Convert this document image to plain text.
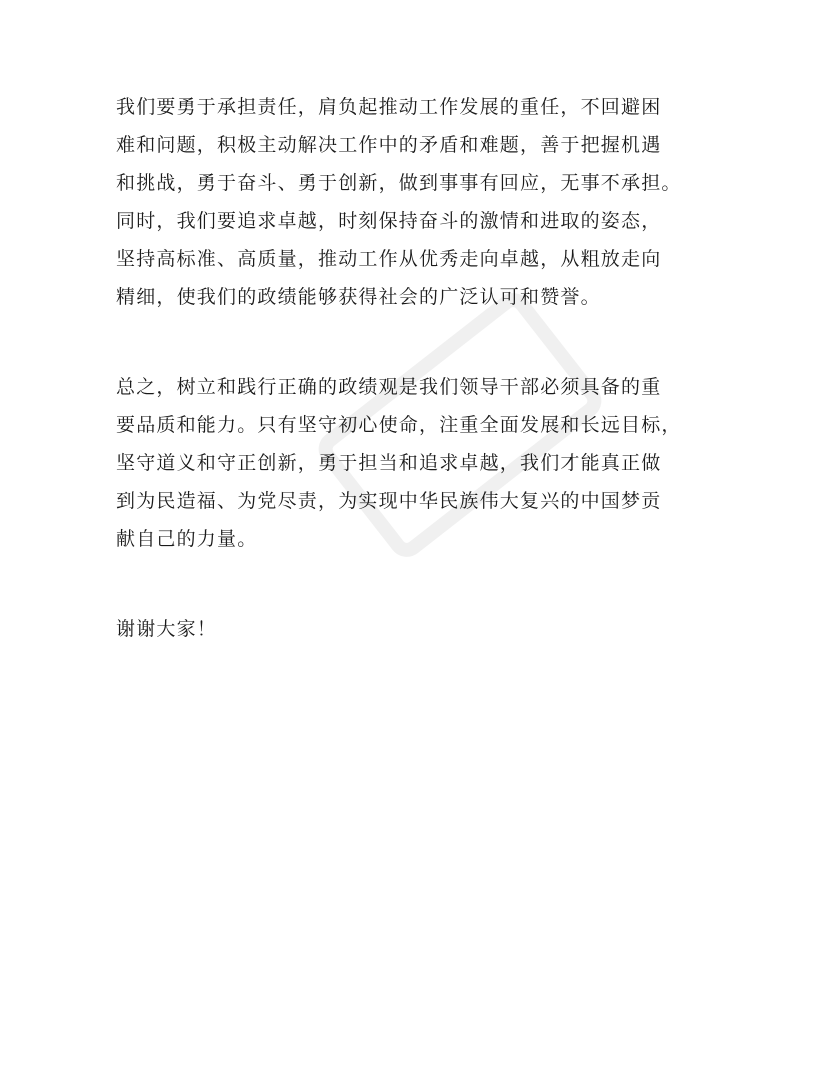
我们要勇于承担责任，肩负起推动工作发展的重任，不回避困
难和问题，积极主动解决工作中的矛盾和难题，善于把握机遇
和挑战，勇于奋斗、勇于创新，做到事事有回应，无事不承担。
同时，我们要追求卓越，时刻保持奋斗的激情和进取的姿态，
坚持高标准、高质量，推动工作从优秀走向卓越，从粗放走向
精细，使我们的政绩能够获得社会的广泛认可和赞誉。
总之，树立和践行正确的政绩观是我们领导干部必须具备的重
要品质和能力。只有坚守初心使命，注重全面发展和长远目标，
坚守道义和守正创新，勇于担当和追求卓越，我们才能真正做
到为民造福、为党尽责，为实现中华民族伟大复兴的中国梦贡
献自己的力量。
谢谢大家！
